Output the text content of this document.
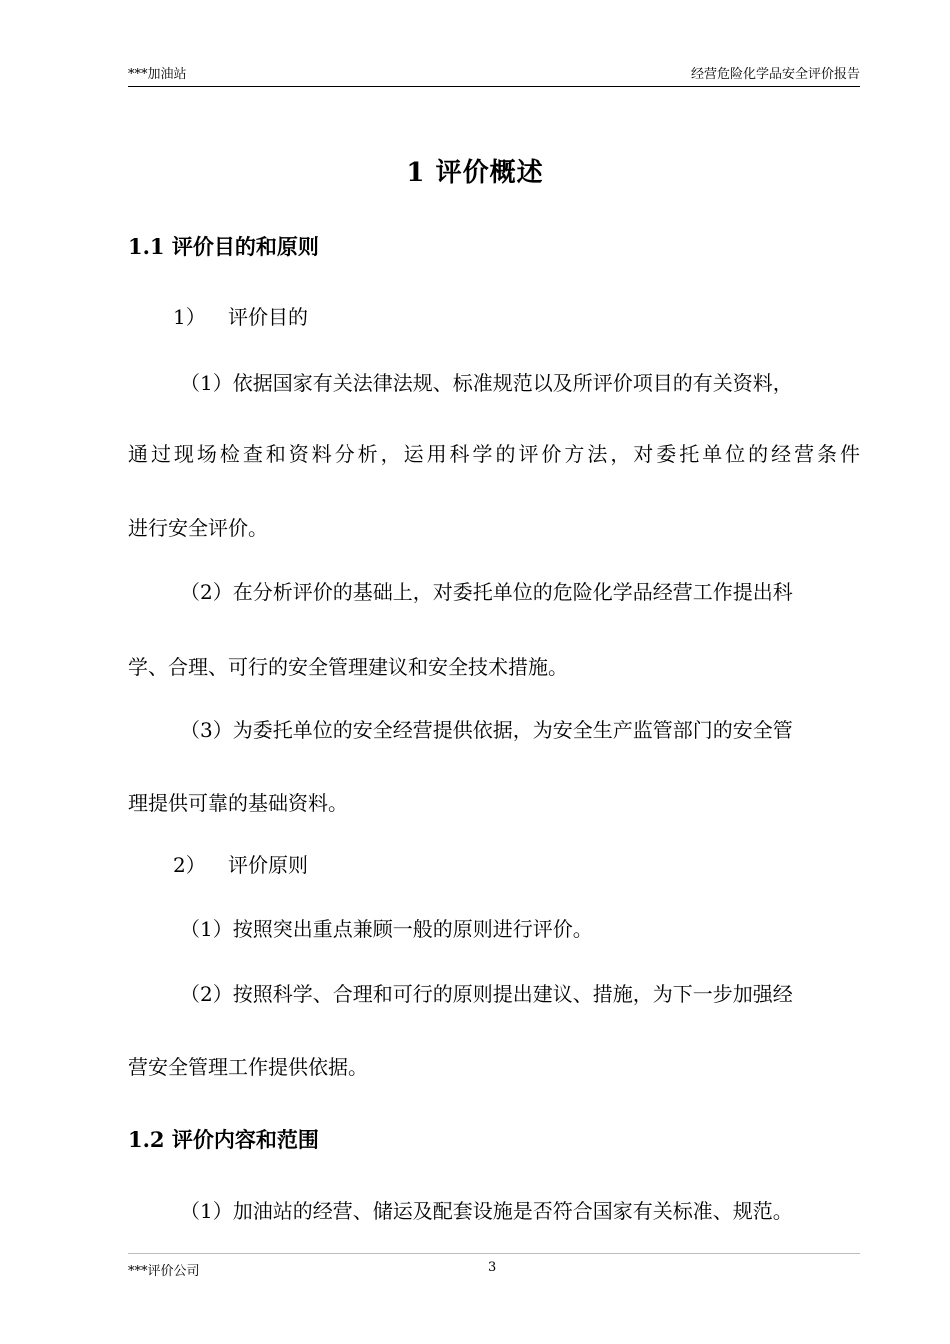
***加油站	经营危险化学品安全评价报告
1 评价概述
1.1 评价目的和原则
1） 评价目的
（1）依据国家有关法律法规、标准规范以及所评价项目的有关资料，
通过现场检查和资料分析，运用科学的评价方法，对委托单位的经营条件
进行安全评价。
（2）在分析评价的基础上，对委托单位的危险化学品经营工作提出科
学、合理、可行的安全管理建议和安全技术措施。
（3）为委托单位的安全经营提供依据，为安全生产监管部门的安全管
理提供可靠的基础资料。
2） 评价原则
（1）按照突出重点兼顾一般的原则进行评价。
（2）按照科学、合理和可行的原则提出建议、措施，为下一步加强经
营安全管理工作提供依据。
1.2 评价内容和范围
（1）加油站的经营、储运及配套设施是否符合国家有关标准、规范。
***评价公司	3
